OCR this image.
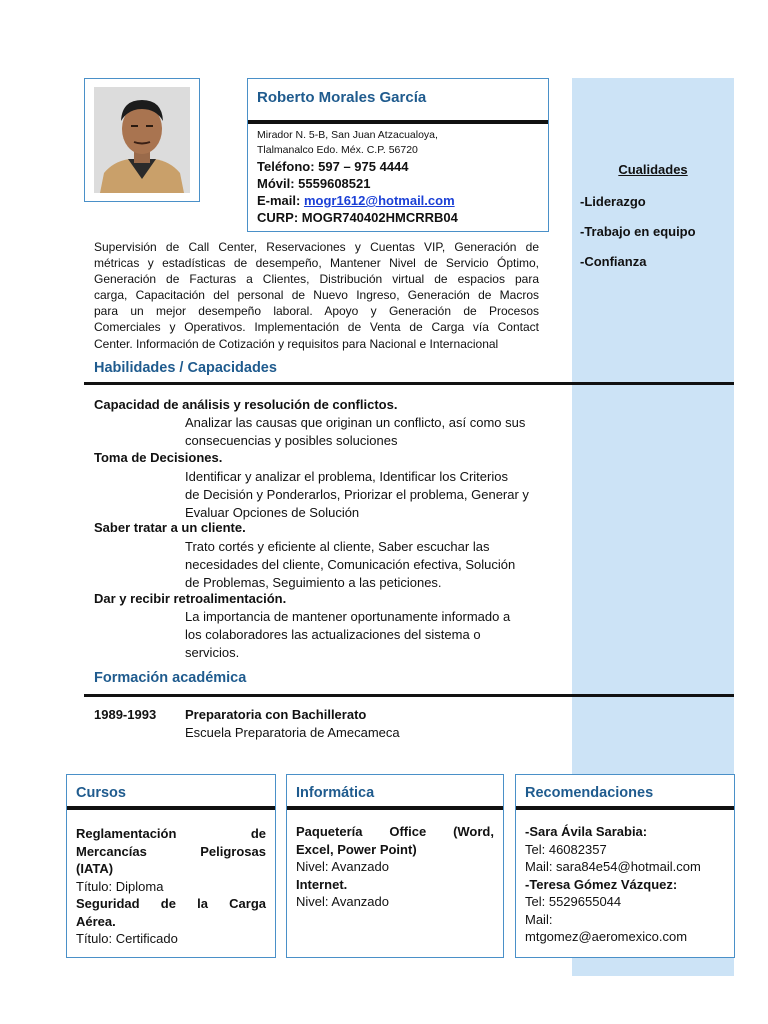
Cualidades
-Liderazgo
-Trabajo en equipo
-Confianza
Roberto Morales García
Mirador N. 5-B, San Juan Atzacualoya,
Tlalmanalco Edo. Méx. C.P. 56720
Teléfono: 597 – 975 4444
Móvil: 5559608521
E-mail: mogr1612@hotmail.com
CURP: MOGR740402HMCRRB04
Supervisión de Call Center, Reservaciones y Cuentas VIP, Generación de
métricas y estadísticas de desempeño, Mantener Nivel de Servicio Óptimo,
Generación de Facturas a Clientes, Distribución virtual de espacios para
carga, Capacitación del personal de Nuevo Ingreso, Generación de Macros
para un mejor desempeño laboral. Apoyo y Generación de Procesos
Comerciales y Operativos. Implementación de Venta de Carga vía Contact
Center. Información de Cotización y requisitos para Nacional e Internacional
Habilidades / Capacidades
Capacidad de análisis y resolución de conflictos.
Analizar las causas que originan un conflicto, así como sus
consecuencias y posibles soluciones
Toma de Decisiones.
Identificar y analizar el problema, Identificar los Criterios
de Decisión y Ponderarlos, Priorizar el problema, Generar y
Evaluar Opciones de Solución
Saber tratar a un cliente.
Trato cortés y eficiente al cliente, Saber escuchar las
necesidades del cliente, Comunicación efectiva, Solución
de Problemas, Seguimiento a las peticiones.
Dar y recibir retroalimentación.
La importancia de mantener oportunamente informado a
los colaboradores las actualizaciones del sistema o
servicios.
Formación académica
1989-1993 Preparatoria con Bachillerato
Escuela Preparatoria de Amecameca
Cursos
Reglamentación de
Mercancías Peligrosas
(IATA)
Título: Diploma
Seguridad de la Carga
Aérea.
Título: Certificado
Informática
Paquetería Office (Word,
Excel, Power Point)
Nivel: Avanzado
Internet.
Nivel: Avanzado
Recomendaciones
-Sara Ávila Sarabia:
Tel: 46082357
Mail: sara84e54@hotmail.com
-Teresa Gómez Vázquez:
Tel: 5529655044
Mail:
mtgomez@aeromexico.com
